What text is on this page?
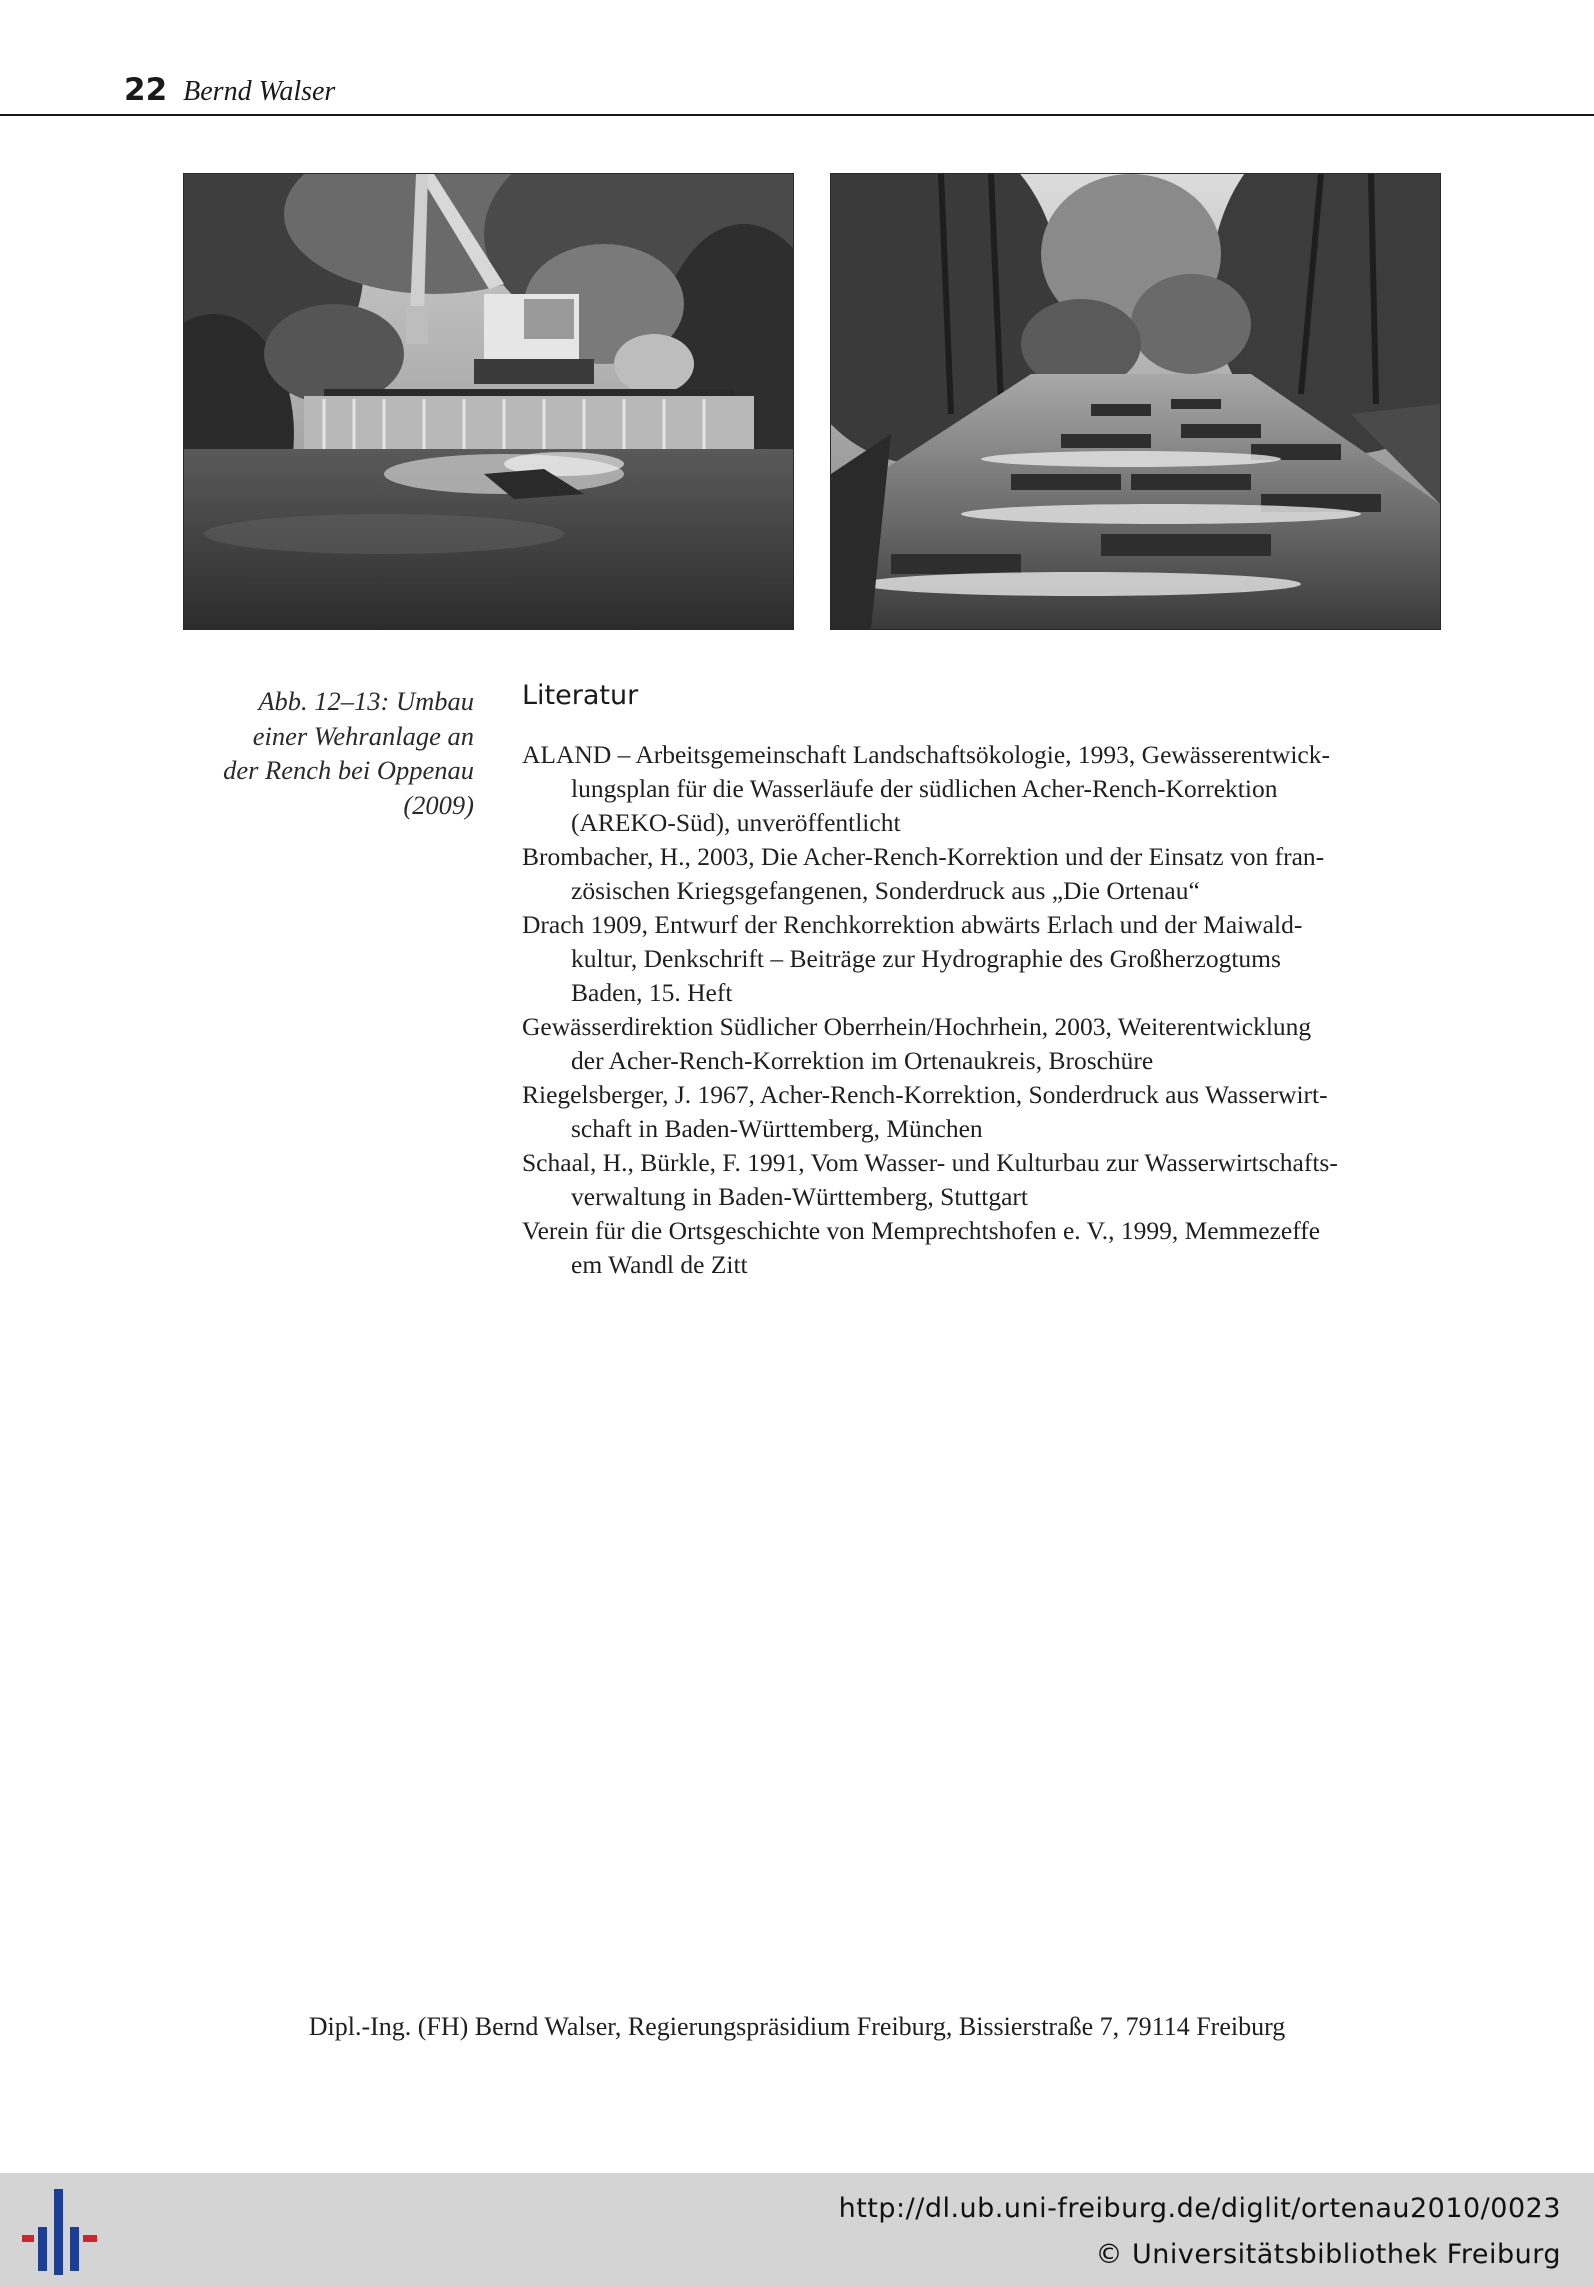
22 Bernd Walser
Abb. 12–13: Umbau
einer Wehranlage an
der Rench bei Oppenau
(2009)
Literatur
ALAND – Arbeitsgemeinschaft Landschaftsökologie, 1993, Gewässerentwick-
lungsplan für die Wasserläufe der südlichen Acher-Rench-Korrektion
(AREKO-Süd), unveröffentlicht
Brombacher, H., 2003, Die Acher-Rench-Korrektion und der Einsatz von fran-
zösischen Kriegsgefangenen, Sonderdruck aus „Die Ortenau“
Drach 1909, Entwurf der Renchkorrektion abwärts Erlach und der Maiwald-
kultur, Denkschrift – Beiträge zur Hydrographie des Großherzogtums
Baden, 15. Heft
Gewässerdirektion Südlicher Oberrhein/Hochrhein, 2003, Weiterentwicklung
der Acher-Rench-Korrektion im Ortenaukreis, Broschüre
Riegelsberger, J. 1967, Acher-Rench-Korrektion, Sonderdruck aus Wasserwirt-
schaft in Baden-Württemberg, München
Schaal, H., Bürkle, F. 1991, Vom Wasser- und Kulturbau zur Wasserwirtschafts-
verwaltung in Baden-Württemberg, Stuttgart
Verein für die Ortsgeschichte von Memprechtshofen e. V., 1999, Memmezeffe
em Wandl de Zitt
Dipl.-Ing. (FH) Bernd Walser, Regierungspräsidium Freiburg, Bissierstraße 7, 79114 Freiburg
http://dl.ub.uni-freiburg.de/diglit/ortenau2010/0023
© Universitätsbibliothek Freiburg
